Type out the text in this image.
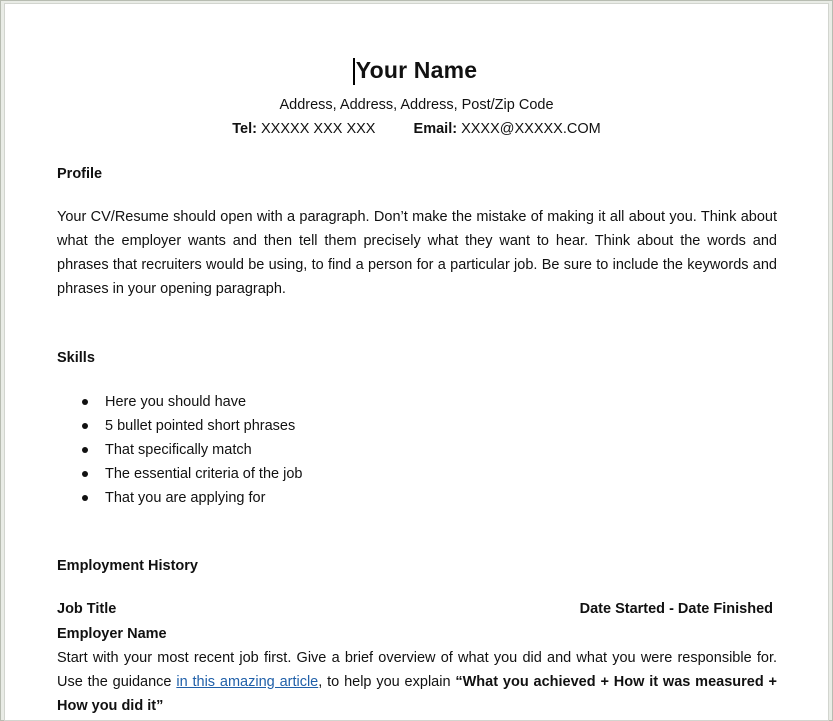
Your Name
Address, Address, Address, Post/Zip Code
Tel: XXXXX XXX XXX	Email: XXXX@XXXXX.COM
Profile
Your CV/Resume should open with a paragraph. Don’t make the mistake of making it all about you. Think about what the employer wants and then tell them precisely what they want to hear. Think about the words and phrases that recruiters would be using, to find a person for a particular job. Be sure to include the keywords and phrases in your opening paragraph.
Skills
Here you should have
5 bullet pointed short phrases
That specifically match
The essential criteria of the job
That you are applying for
Employment History
Job Title	Date Started - Date Finished
Employer Name
Start with your most recent job first. Give a brief overview of what you did and what you were responsible for. Use the guidance in this amazing article, to help you explain “What you achieved + How it was measured + How you did it”
